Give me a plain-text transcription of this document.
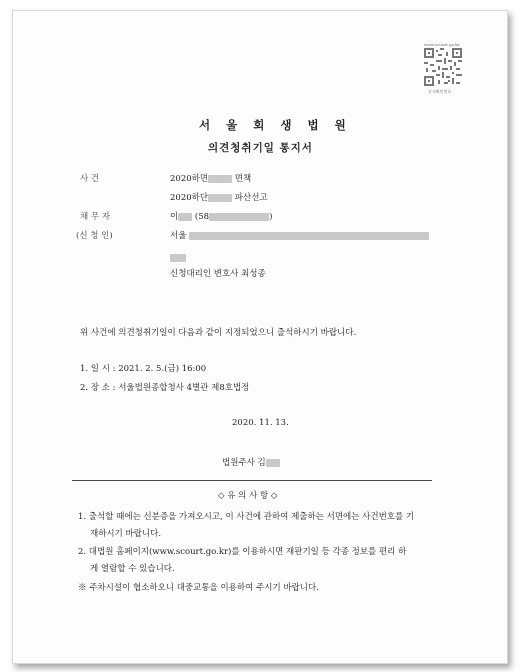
www.scourt.go.kr
문서확인번호
서 울 회 생 법 원
의견청취기일 통지서
사 건	2020하면	면책
2020하단	파산선고
채 무 자	이 (58	)
(신 청 인)	서울
신청대리인 변호사 최성종
위 사건에 의견청취기일이 다음과 같이 지정되었으니 출석하시기 바랍니다.
1. 일 시 : 2021. 2. 5.(금) 16:00
2. 장 소 : 서울법원종합청사 4별관 제8호법정
2020. 11. 13.
법원주사 김
◇ 유 의 사 항 ◇
1. 출석할 때에는 신분증을 가져오시고, 이 사건에 관하여 제출하는 서면에는 사건번호를 기
재하시기 바랍니다.
2. 대법원 홈페이지(www.scourt.go.kr)를 이용하시면 재판기일 등 각종 정보를 편리 하
게 열람할 수 있습니다.
※ 주차시설이 협소하오니 대중교통을 이용하여 주시기 바랍니다.
